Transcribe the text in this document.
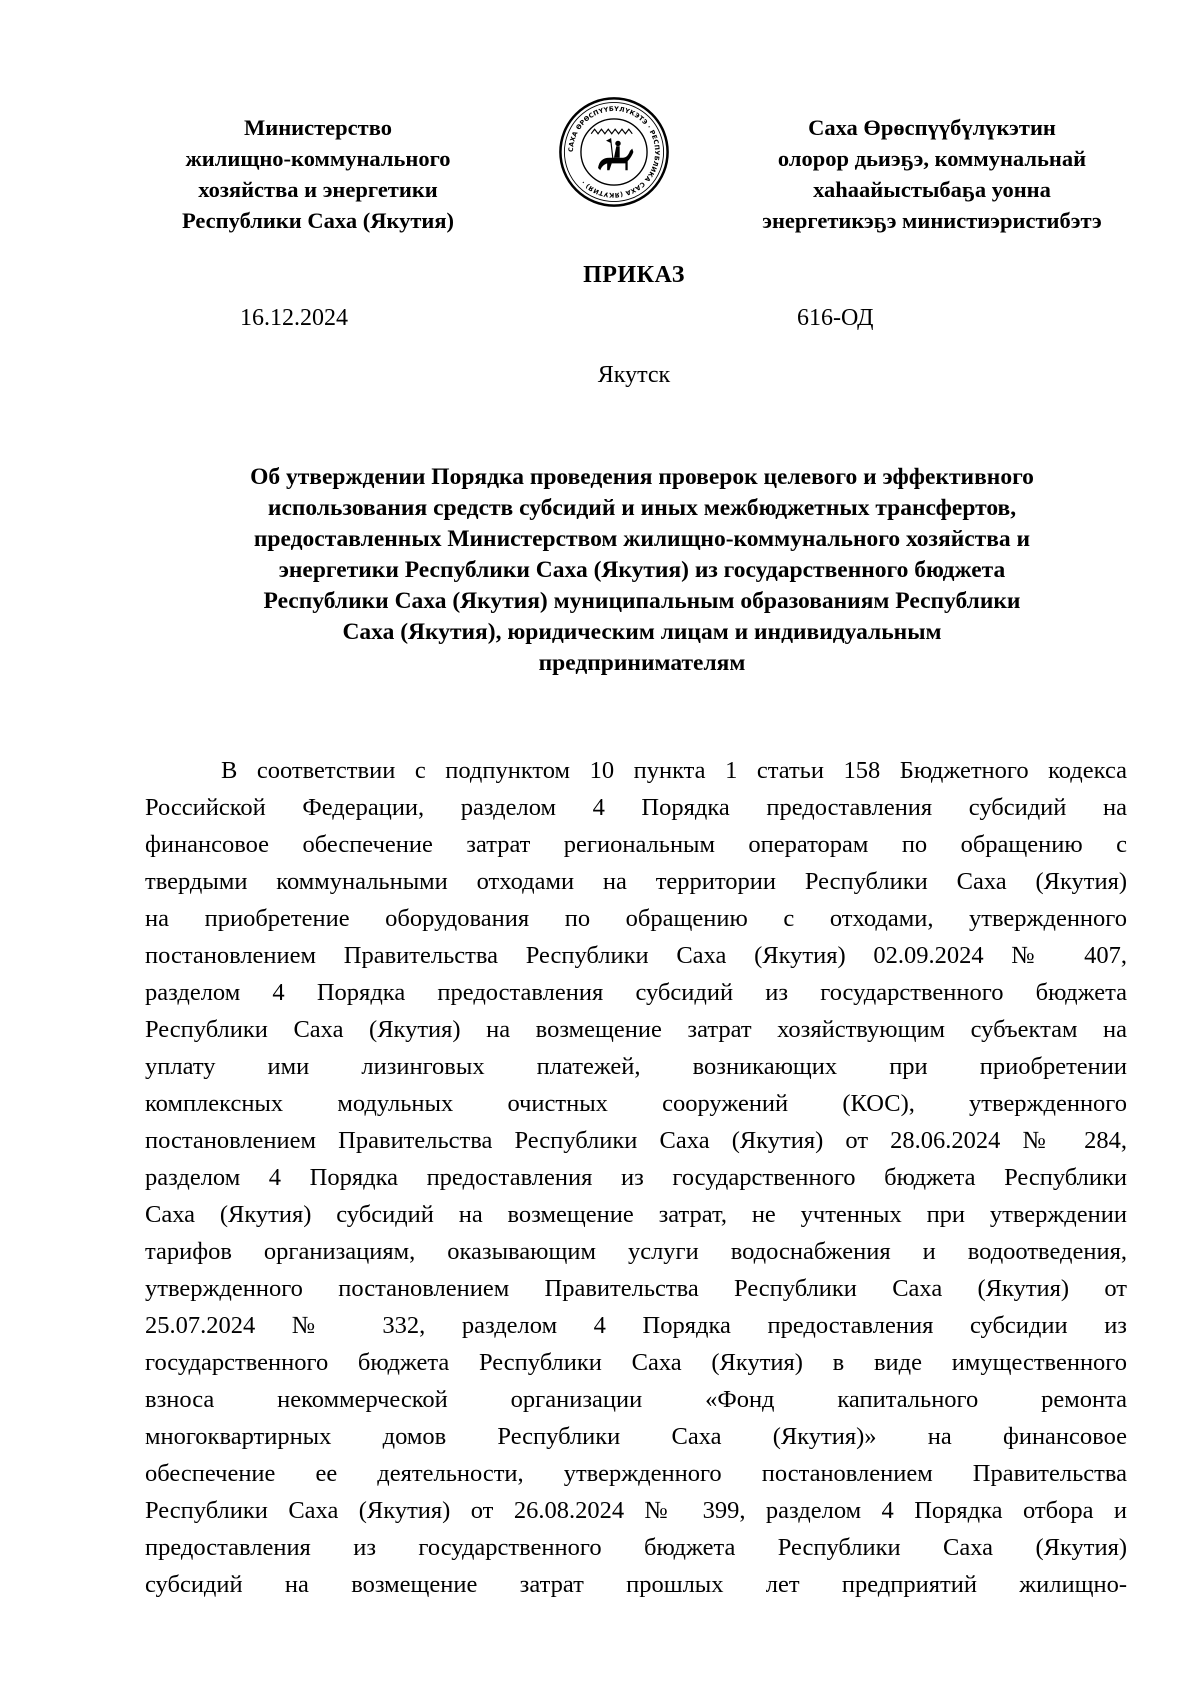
Министерство
жилищно-коммунального
хозяйства и энергетики
Республики Саха (Якутия)
САХА ӨРӨСПҮҮБҮЛҮКЭТЭ · РЕСПУБЛИКА САХА (ЯКУТИЯ) ·
Саха Өрөспүүбүлүкэтин
олорор дьиэҕэ, коммунальнай
хаһаайыстыбаҕа уонна
энергетикэҕэ министиэристибэтэ
ПРИКАЗ
16.12.2024	616-ОД
Якутск
Об утверждении Порядка проведения проверок целевого и эффективного
использования средств субсидий и иных межбюджетных трансфертов,
предоставленных Министерством жилищно-коммунального хозяйства и
энергетики Республики Саха (Якутия) из государственного бюджета
Республики Саха (Якутия) муниципальным образованиям Республики
Саха (Якутия), юридическим лицам и индивидуальным
предпринимателям
В соответствии с подпунктом 10 пункта 1 статьи 158 Бюджетного кодекса
Российской Федерации, разделом 4 Порядка предоставления субсидий на
финансовое обеспечение затрат региональным операторам по обращению с
твердыми коммунальными отходами на территории Республики Саха (Якутия)
на приобретение оборудования по обращению с отходами, утвержденного
постановлением Правительства Республики Саха (Якутия) 02.09.2024 № 407,
разделом 4 Порядка предоставления субсидий из государственного бюджета
Республики Саха (Якутия) на возмещение затрат хозяйствующим субъектам на
уплату ими лизинговых платежей, возникающих при приобретении
комплексных модульных очистных сооружений (КОС), утвержденного
постановлением Правительства Республики Саха (Якутия) от 28.06.2024 № 284,
разделом 4 Порядка предоставления из государственного бюджета Республики
Саха (Якутия) субсидий на возмещение затрат, не учтенных при утверждении
тарифов организациям, оказывающим услуги водоснабжения и водоотведения,
утвержденного постановлением Правительства Республики Саха (Якутия) от
25.07.2024 № 332, разделом 4 Порядка предоставления субсидии из
государственного бюджета Республики Саха (Якутия) в виде имущественного
взноса некоммерческой организации «Фонд капитального ремонта
многоквартирных домов Республики Саха (Якутия)» на финансовое
обеспечение ее деятельности, утвержденного постановлением Правительства
Республики Саха (Якутия) от 26.08.2024 № 399, разделом 4 Порядка отбора и
предоставления из государственного бюджета Республики Саха (Якутия)
субсидий на возмещение затрат прошлых лет предприятий жилищно-
